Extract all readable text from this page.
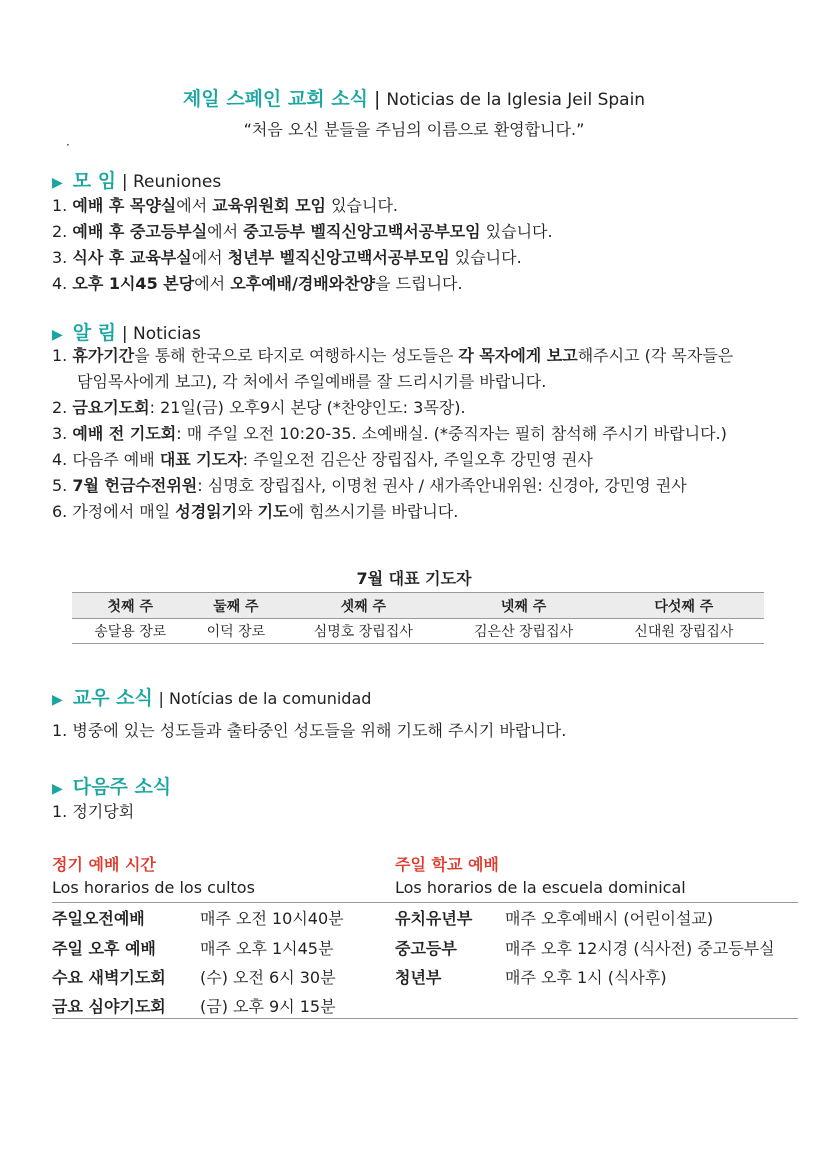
제일 스페인 교회 소식 | Noticias de la Iglesia Jeil Spain
“처음 오신 분들을 주님의 이름으로 환영합니다.”
·
▶ 모 임 | Reuniones
1. 예배 후 목양실에서 교육위원회 모임 있습니다.
2. 예배 후 중고등부실에서 중고등부 벨직신앙고백서공부모임 있습니다.
3. 식사 후 교육부실에서 청년부 벨직신앙고백서공부모임 있습니다.
4. 오후 1시45 본당에서 오후예배/경배와찬양을 드립니다.
▶ 알 림 | Noticias
1. 휴가기간을 통해 한국으로 타지로 여행하시는 성도들은 각 목자에게 보고해주시고 (각 목자들은
담임목사에게 보고), 각 처에서 주일예배를 잘 드리시기를 바랍니다.
2. 금요기도회: 21일(금) 오후9시 본당 (*찬양인도: 3목장).
3. 예배 전 기도회: 매 주일 오전 10:20-35. 소예배실. (*중직자는 필히 참석해 주시기 바랍니다.)
4. 다음주 예배 대표 기도자: 주일오전 김은산 장립집사, 주일오후 강민영 권사
5. 7월 헌금수전위원: 심명호 장립집사, 이명천 권사 / 새가족안내위원: 신경아, 강민영 권사
6. 가정에서 매일 성경읽기와 기도에 힘쓰시기를 바랍니다.
7월 대표 기도자
첫째 주	둘째 주	셋째 주	넷째 주	다섯째 주
송달용 장로	이덕 장로	심명호 장립집사	김은산 장립집사	신대원 장립집사
▶ 교우 소식 | Notícias de la comunidad
1. 병중에 있는 성도들과 출타중인 성도들을 위해 기도해 주시기 바랍니다.
▶ 다음주 소식
1. 정기당회
정기 예배 시간
Los horarios de los cultos
주일 학교 예배
Los horarios de la escuela dominical
주일오전예배	매주 오전 10시40분
주일 오후 예배	매주 오후 1시45분
수요 새벽기도회 (수) 오전 6시 30분
금요 심야기도회 (금) 오후 9시 15분
유치유년부 매주 오후예배시 (어린이설교)
중고등부	매주 오후 12시경 (식사전) 중고등부실
청년부	매주 오후 1시 (식사후)
